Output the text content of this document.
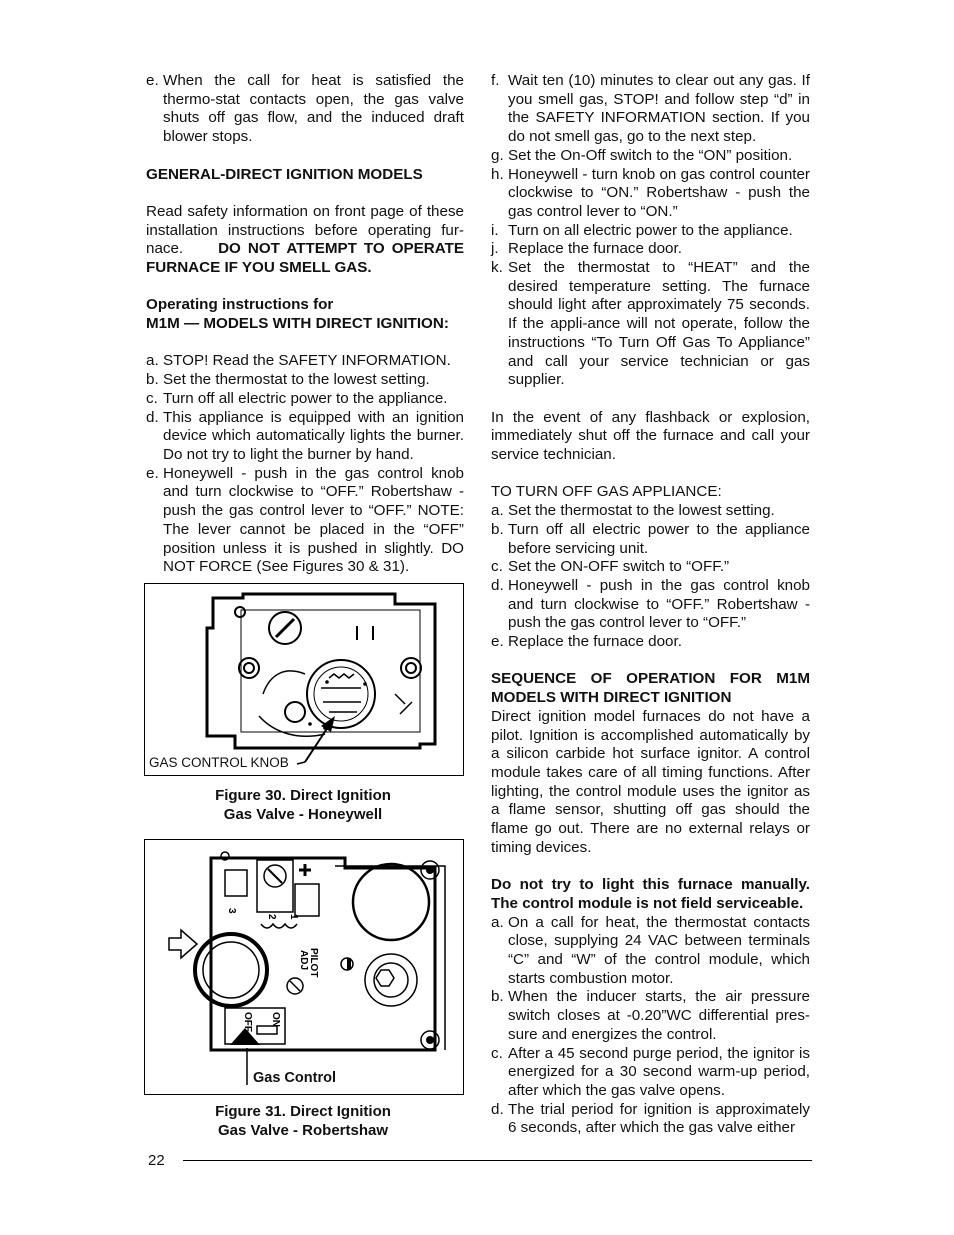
e. When the call for heat is satisfied the thermo-stat contacts open, the gas valve shuts off gas flow, and the induced draft blower stops.

GENERAL-DIRECT IGNITION MODELS

Read safety information on front page of these installation instructions before operating fur-nace. DO NOT ATTEMPT TO OPERATE FURNACE IF YOU SMELL GAS.

Operating instructions for

M1M — MODELS WITH DIRECT IGNITION:

a. STOP! Read the SAFETY INFORMATION.
b. Set the thermostat to the lowest setting.
c. Turn off all electric power to the appliance.
d. This appliance is equipped with an ignition device which automatically lights the burner. Do not try to light the burner by hand.
e. Honeywell - push in the gas control knob and turn clockwise to “OFF.” Robertshaw - push the gas control lever to “OFF.” NOTE: The lever cannot be placed in the “OFF” position unless it is pushed in slightly. DO NOT FORCE (See Figures 30 & 31).
GAS CONTROL KNOB
Figure 30. Direct Ignition
Gas Valve - Honeywell
PILOT
ADJ
ON
OFF
3
2 1
Gas Control
Figure 31. Direct Ignition
Gas Valve - Robertshaw
f. Wait ten (10) minutes to clear out any gas. If you smell gas, STOP! and follow step “d” in the SAFETY INFORMATION section. If you do not smell gas, go to the next step.
g. Set the On-Off switch to the “ON” position.
h. Honeywell - turn knob on gas control counter clockwise to “ON.” Robertshaw - push the gas control lever to “ON.”
i. Turn on all electric power to the appliance.
j. Replace the furnace door.
k. Set the thermostat to “HEAT” and the desired temperature setting. The furnace should light after approximately 75 seconds. If the appli-ance will not operate, follow the instructions “To Turn Off Gas To Appliance” and call your service technician or gas supplier.

In the event of any flashback or explosion, immediately shut off the furnace and call your service technician.

TO TURN OFF GAS APPLIANCE:

a. Set the thermostat to the lowest setting.
b. Turn off all electric power to the appliance before servicing unit.
c. Set the ON-OFF switch to “OFF.”
d. Honeywell - push in the gas control knob and turn clockwise to “OFF.” Robertshaw - push the gas control lever to “OFF.”
e. Replace the furnace door.

SEQUENCE OF OPERATION FOR M1M MODELS WITH DIRECT IGNITION

Direct ignition model furnaces do not have a pilot. Ignition is accomplished automatically by a silicon carbide hot surface ignitor. A control module takes care of all timing functions. After lighting, the control module uses the ignitor as a flame sensor, shutting off gas should the flame go out. There are no external relays or timing devices.

Do not try to light this furnace manually. The control module is not field serviceable.

a. On a call for heat, the thermostat contacts close, supplying 24 VAC between terminals “C” and “W” of the control module, which starts combustion motor.
b. When the inducer starts, the air pressure switch closes at -0.20”WC differential pres-sure and energizes the control.
c. After a 45 second purge period, the ignitor is energized for a 30 second warm-up period, after which the gas valve opens.
d. The trial period for ignition is approximately 6 seconds, after which the gas valve either
22
